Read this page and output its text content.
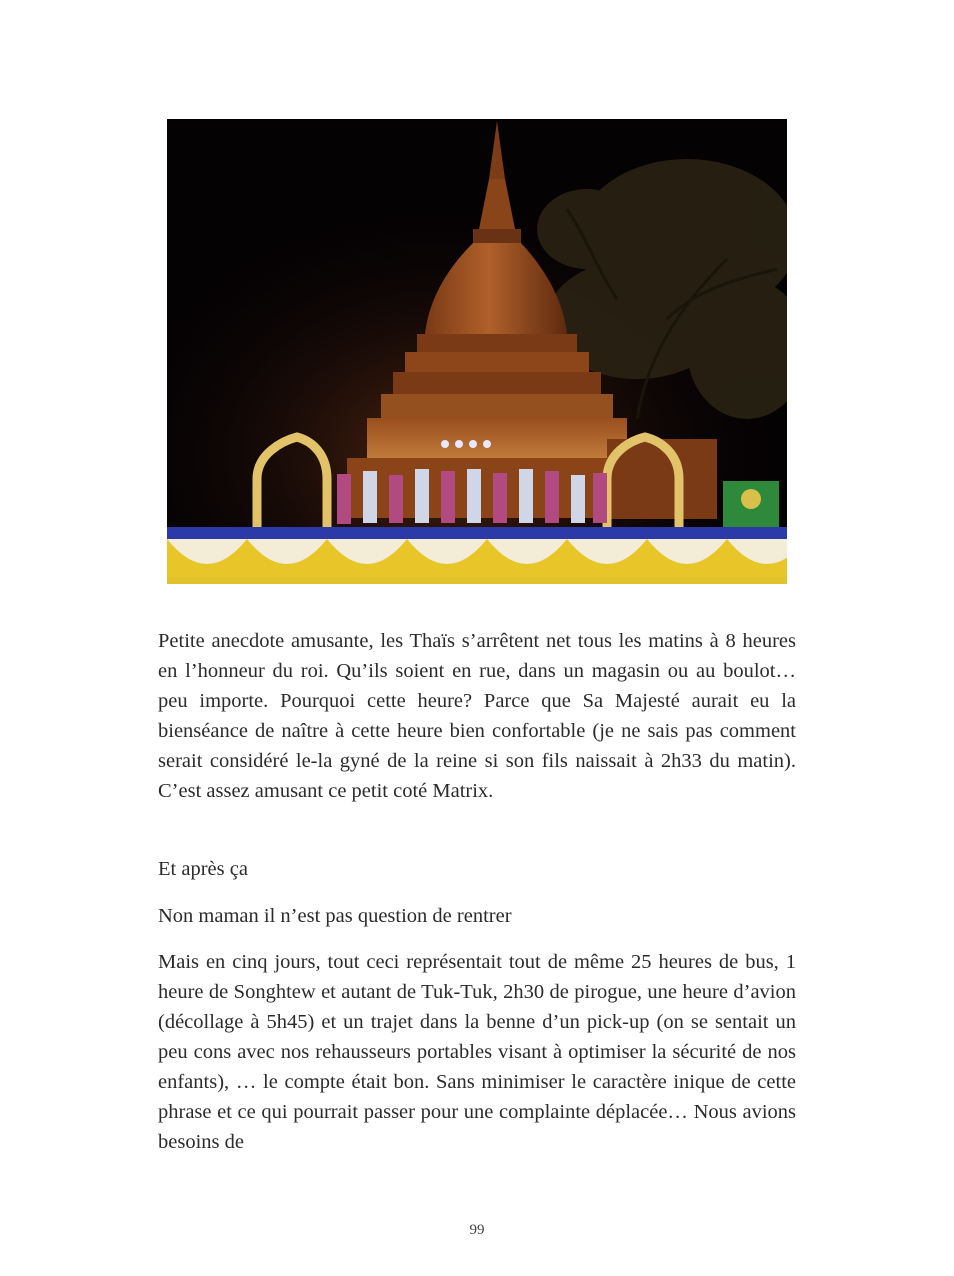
Petite anecdote amusante, les Thaïs s’arrêtent net tous les matins à 8 heures en l’honneur du roi. Qu’ils soient en rue, dans un magasin ou au boulot… peu importe. Pourquoi cette heure? Parce que Sa Majesté aurait eu la bienséance de naître à cette heure bien confortable (je ne sais pas comment serait considéré le-la gyné de la reine si son fils naissait à 2h33 du matin). C’est assez amusant ce petit coté Matrix.

Et après ça

Non maman il n’est pas question de rentrer

Mais en cinq jours, tout ceci représentait tout de même 25 heures de bus, 1 heure de Songhtew et autant de Tuk-Tuk, 2h30 de pirogue, une heure d’avion (décollage à 5h45) et un trajet dans la benne d’un pick-up (on se sentait un peu cons avec nos rehausseurs portables visant à optimiser la sécurité de nos enfants), … le compte était bon. Sans minimiser le caractère inique de cette phrase et ce qui pourrait passer pour une complainte déplacée… Nous avions besoins de

99
